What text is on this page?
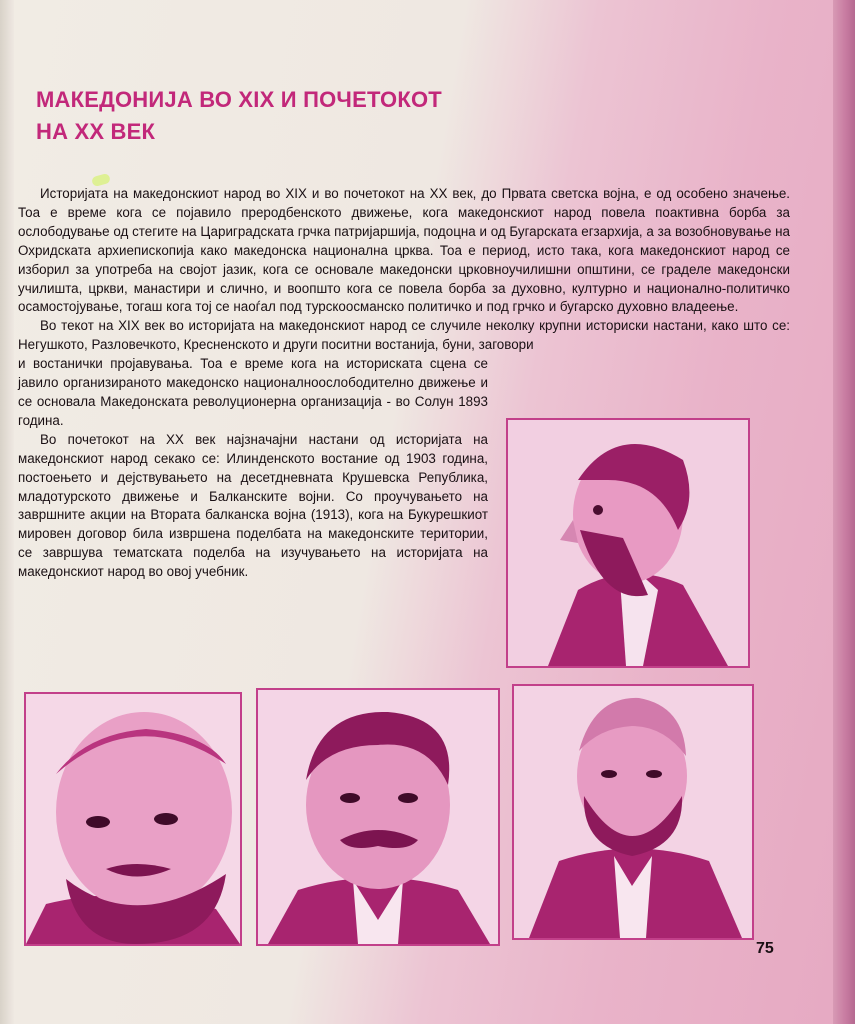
МАКЕДОНИЈА ВО XIX И ПОЧЕТОКОТ
НА XX ВЕК

Историјата на македонскиот народ во XIX и во почетокот на XX век, до Првата светска војна, е од особено значење. Тоа е време кога се појавило преродбенското движење, кога македонскиот народ повела поактивна борба за ослободување од стегите на Цариградската грчка патријаршија, подоцна и од Бугарската егзархија, а за возобновување на Охридската архиепископија како македонска национална црква. Тоа е период, исто така, кога македонскиот народ се изборил за употреба на својот јазик, кога се основале македонски црковноучилишни општини, се граделе македонски училишта, цркви, манастири и слично, и воопшто кога се повела борба за духовно, културно и национално-политичко осамостојување, тогаш кога тој се наоѓал под турскоосманско политичко и под грчко и бугарско духовно владеење.

Во текот на XIX век во историјата на македонскиот народ се случиле неколку крупни историски настани, како што се: Негушкото, Разловечкото, Кресненското и други поситни востанија, буни, заговори

и востанички пројавувања. Тоа е време кога на историската сцена се јавило организираното македонско националноослободително движење и се основала Македонската револуционерна организација - во Солун 1893 година.

Во почетокот на XX век најзначајни настани од историјата на македонскиот народ секако се: Илинденското востание од 1903 година, постоењето и дејствувањето на десетдневната Крушевска Република, младотурското движење и Балканските војни. Со проучувањето на завршните акции на Втората балканска војна (1913), кога на Букурешкиот мировен договор била извршена поделбата на македонските територии, се завршува тематската поделба на изучувањето на историјата на македонскиот народ во овој учебник.

75
